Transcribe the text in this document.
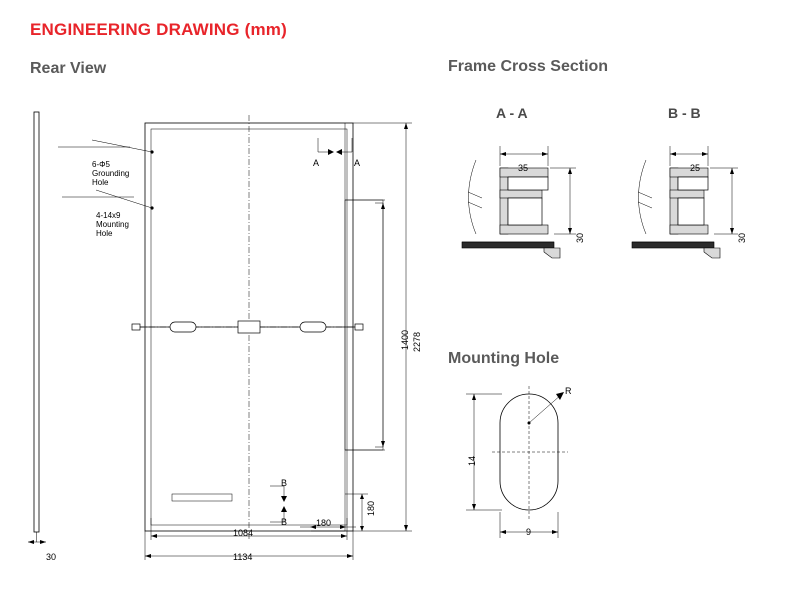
ENGINEERING DRAWING (mm)
Rear View	Frame Cross Section
Mounting Hole
A - A	B - B
6-Φ5
Grounding
Hole
4-14x9
Mounting
Hole
A	A
B
B
30
1400 2278
180
180
1084
1134
35
30
25
30
R
14
9
